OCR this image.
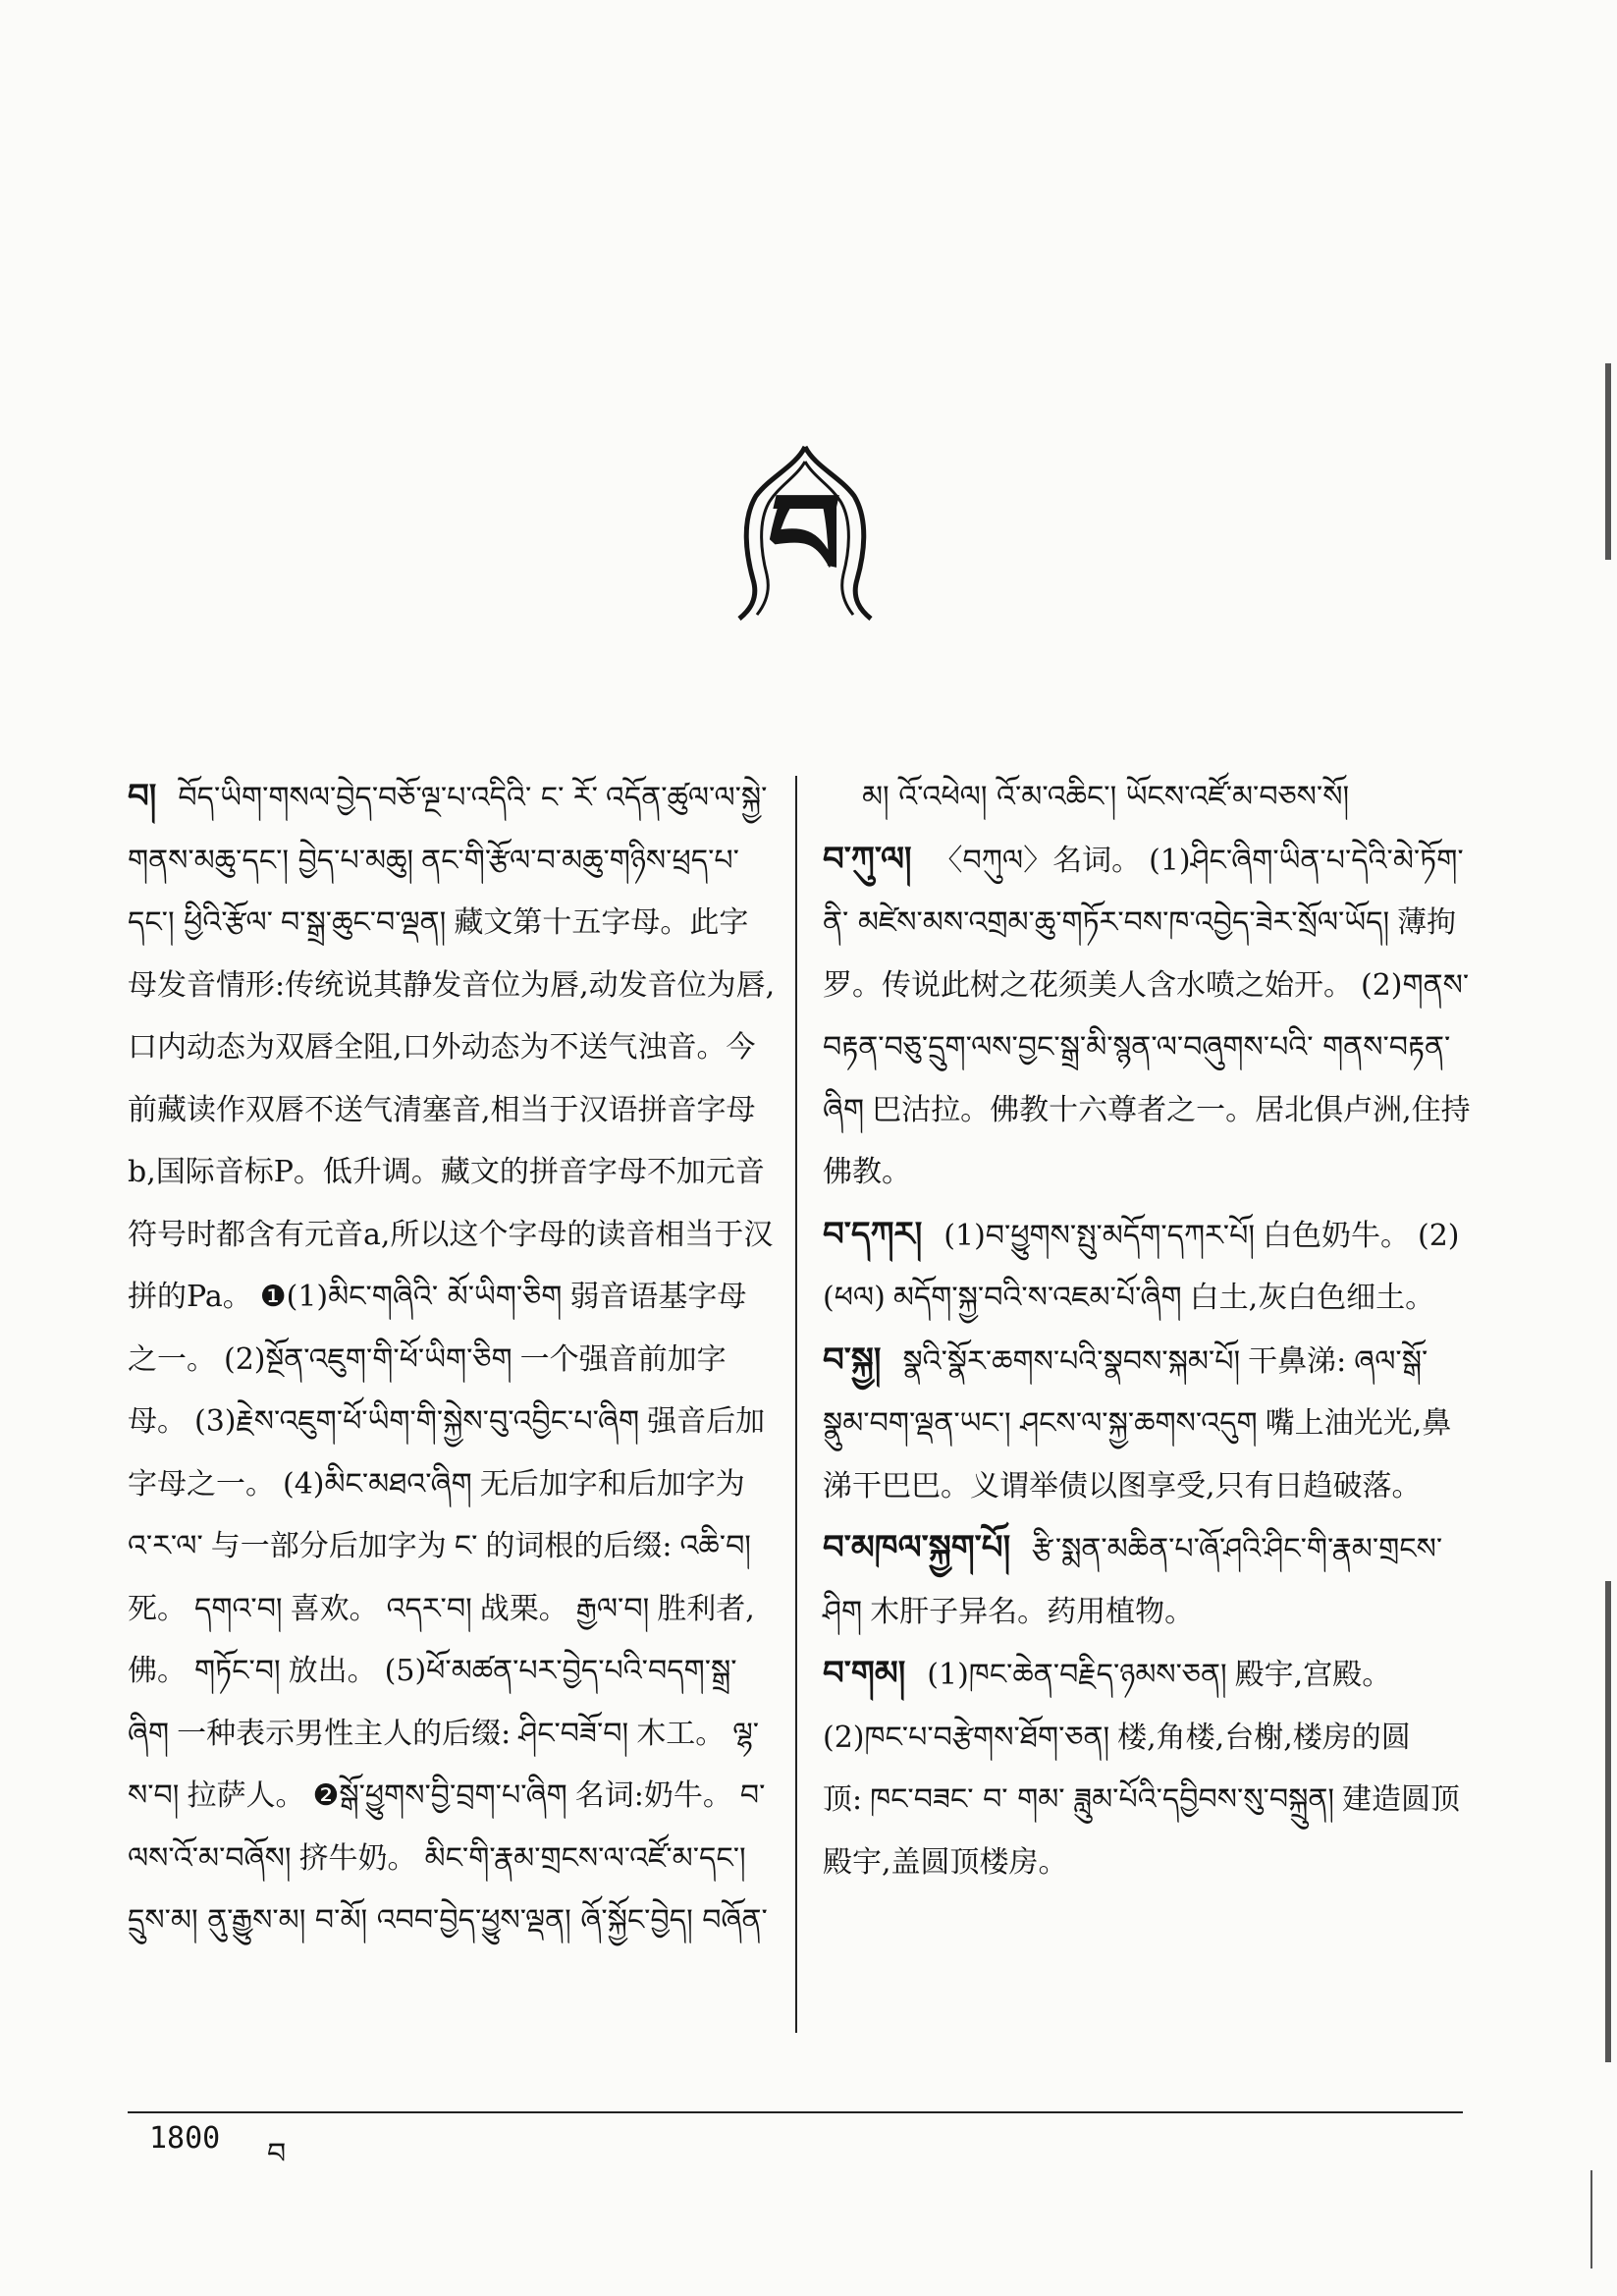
བ

བ། བོད་ཡིག་གསལ་བྱེད་བཅོ་ལྔ་པ་འདིའི་ ང་ རོ་ འདོན་ཚུལ་ལ་སྐྱེ་གནས་མཆུ་དང་། བྱེད་པ་མཆུ། ནང་གི་རྩོལ་བ་མཆུ་གཉིས་ཕྲད་པ་དང་། ཕྱིའི་རྩོལ་ བ་སྒྲ་ཆུང་བ་ལྡན། 藏文第十五字母。此字母发音情形:传统说其静发音位为唇,动发音位为唇,口内动态为双唇全阻,口外动态为不送气浊音。今前藏读作双唇不送气清塞音,相当于汉语拼音字母b,国际音标P。低升调。藏文的拼音字母不加元音符号时都含有元音a,所以这个字母的读音相当于汉拼的Pa。 ❶(1)མིང་གཞིའི་ མོ་ཡིག་ཅིག 弱音语基字母之一。 (2)སྔོན་འཇུག་གི་ཕོ་ཡིག་ཅིག 一个强音前加字母。 (3)རྗེས་འཇུག་ཕོ་ཡིག་གི་སྐྱེས་བུ་འབྱིང་པ་ཞིག 强音后加字母之一。 (4)མིང་མཐའ་ཞིག 无后加字和后加字为འ་ར་ལ་ 与一部分后加字为 ང་ 的词根的后缀: འཆི་བ།死。 དགའ་བ། 喜欢。 འདར་བ། 战栗。 རྒྱལ་བ། 胜利者,佛。 གཏོང་བ། 放出。 (5)ཕོ་མཚན་པར་བྱེད་པའི་བདག་སྒྲ་ཞིག 一种表示男性主人的后缀: ཤིང་བཟོ་བ། 木工。 ལྷ་ས་བ། 拉萨人。 ❷སྒོ་ཕྱུགས་བྱི་བྲག་པ་ཞིག 名词:奶牛。 བ་ལས་འོ་མ་བཞོས། 挤牛奶。 མིང་གི་རྣམ་གྲངས་ལ་འཛོ་མ་དང་། དྲུས་མ། ནུ་རྒྱུས་མ། བ་མོ། འབབ་བྱེད་ཕྱུས་ལྡན། ཞོ་སྐྱོང་བྱེད། བཞོན་

མ། འོ་འཕེལ། འོ་མ་འཆིང་། ཡོངས་འཛོ་མ་བཅས་སོ།

བ་ཀུ་ལ། 〈བཀུལ〉名词。 (1)ཤིང་ཞིག་ཡིན་པ་དེའི་མེ་ཏོག་ནི་ མཛེས་མས་འགྲམ་ཆུ་གཏོར་བས་ཁ་འབྱེད་ཟེར་སྲོལ་ཡོད། 薄拘罗。传说此树之花须美人含水喷之始开。 (2)གནས་བརྟན་བཅུ་དྲུག་ལས་བྱང་སྒྲ་མི་སྙན་ལ་བཞུགས་པའི་ གནས་བརྟན་ཞིག 巴沽拉。佛教十六尊者之一。居北俱卢洲,住持佛教。

བ་དཀར། (1)བ་ཕྱུགས་སྤུ་མདོག་དཀར་པོ། 白色奶牛。 (2)(ཕལ) མདོག་སྐྱ་བའི་ས་འཇམ་པོ་ཞིག 白土,灰白色细土。

བ་སྐྱ། སྣའི་སྣོར་ཆགས་པའི་སྣབས་སྐམ་པོ། 干鼻涕: ཞལ་སྒོ་སྣུམ་བག་ལྡན་ཡང་། ཤངས་ལ་སྐྱ་ཆགས་འདུག 嘴上油光光,鼻涕干巴巴。义谓举债以图享受,只有日趋破落。

བ་མཁལ་སྐྱག་པོ། རྩི་སྨན་མཆིན་པ་ཞོ་ཤའི་ཤིང་གི་རྣམ་གྲངས་ཤིག 木肝子异名。药用植物。

བ་གམ། (1)ཁང་ཆེན་བརྗིད་ཉམས་ཅན། 殿宇,宫殿。(2)ཁང་པ་བརྩེགས་ཐོག་ཅན། 楼,角楼,台榭,楼房的圆顶: ཁང་བཟང་ བ་ གམ་ ཟླུམ་པོའི་དབྱིབས་སུ་བསྐྲུན། 建造圆顶殿宇,盖圆顶楼房。

1800 བ
